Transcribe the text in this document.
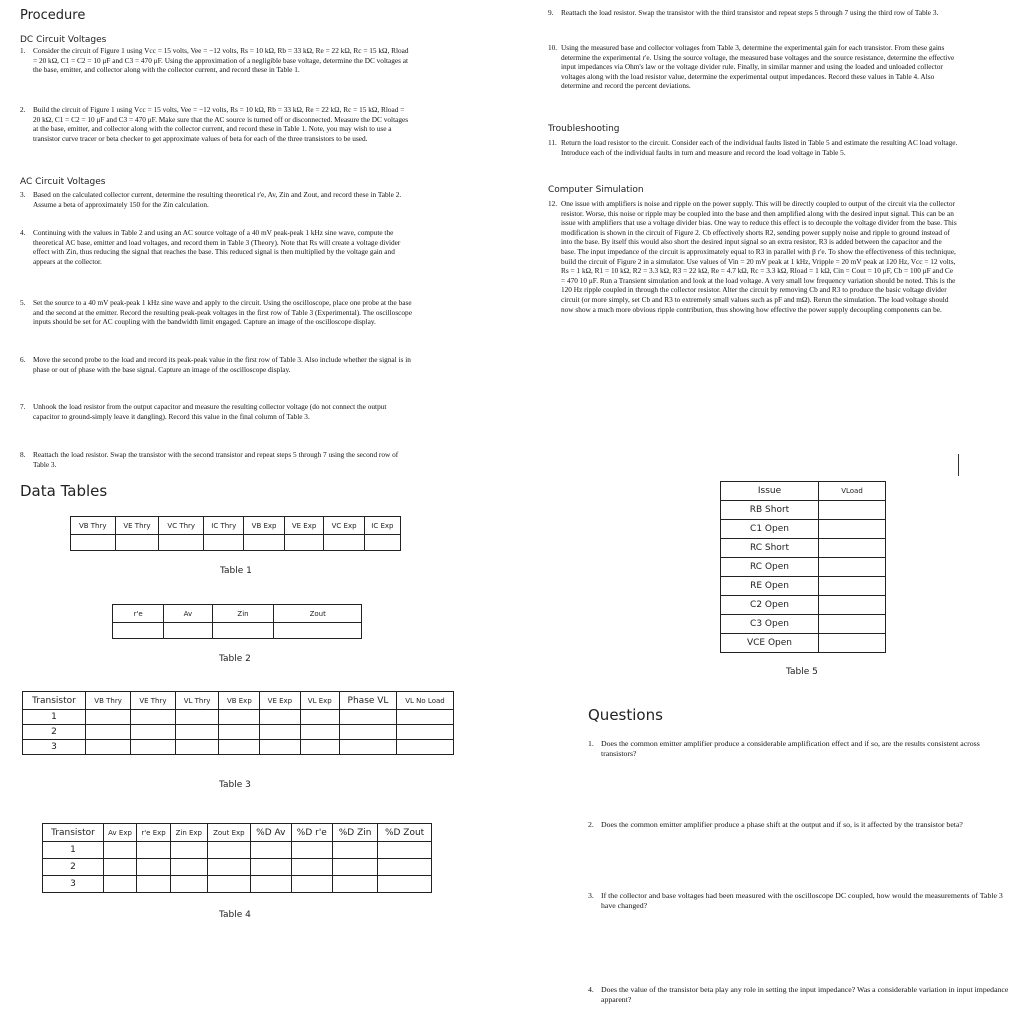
Procedure
DC Circuit Voltages
1. Consider the circuit of Figure 1 using Vcc = 15 volts, Vee = −12 volts, Rs = 10 kΩ, Rb = 33 kΩ, Re = 22 kΩ, Rc = 15 kΩ, Rload = 20 kΩ, C1 = C2 = 10 μF and C3 = 470 μF. Using the approximation of a negligible base voltage, determine the DC voltages at the base, emitter, and collector along with the collector current, and record these in Table 1.
2. Build the circuit of Figure 1 using Vcc = 15 volts, Vee = −12 volts, Rs = 10 kΩ, Rb = 33 kΩ, Re = 22 kΩ, Rc = 15 kΩ, Rload = 20 kΩ, C1 = C2 = 10 μF and C3 = 470 μF. Make sure that the AC source is turned off or disconnected. Measure the DC voltages at the base, emitter, and collector along with the collector current, and record these in Table 1. Note, you may wish to use a transistor curve tracer or beta checker to get approximate values of beta for each of the three transistors to be used.
AC Circuit Voltages
3. Based on the calculated collector current, determine the resulting theoretical r'e, Av, Zin and Zout, and record these in Table 2. Assume a beta of approximately 150 for the Zin calculation.
4. Continuing with the values in Table 2 and using an AC source voltage of a 40 mV peak-peak 1 kHz sine wave, compute the theoretical AC base, emitter and load voltages, and record them in Table 3 (Theory). Note that Rs will create a voltage divider effect with Zin, thus reducing the signal that reaches the base. This reduced signal is then multiplied by the voltage gain and appears at the collector.
5. Set the source to a 40 mV peak-peak 1 kHz sine wave and apply to the circuit. Using the oscilloscope, place one probe at the base and the second at the emitter. Record the resulting peak-peak voltages in the first row of Table 3 (Experimental). The oscilloscope inputs should be set for AC coupling with the bandwidth limit engaged. Capture an image of the oscilloscope display.
6. Move the second probe to the load and record its peak-peak value in the first row of Table 3. Also include whether the signal is in phase or out of phase with the base signal. Capture an image of the oscilloscope display.
7. Unhook the load resistor from the output capacitor and measure the resulting collector voltage (do not connect the output capacitor to ground-simply leave it dangling). Record this value in the final column of Table 3.
8. Reattach the load resistor. Swap the transistor with the second transistor and repeat steps 5 through 7 using the second row of Table 3.
Data Tables
VB Thry	VE Thry	VC Thry	IC Thry	VB Exp	VE Exp	VC Exp	IC Exp

Table 1
r'e	Av	Zin	Zout

Table 2
Transistor	VB Thry	VE Thry	VL Thry	VB Exp	VE Exp	VL Exp	Phase VL	VL No Load
1								
2								
3								
Table 3
Transistor	Av Exp	r'e Exp	Zin Exp	Zout Exp	%D Av	%D r'e	%D Zin	%D Zout
1								
2								
3								
Table 4
9. Reattach the load resistor. Swap the transistor with the third transistor and repeat steps 5 through 7 using the third row of Table 3.
10. Using the measured base and collector voltages from Table 3, determine the experimental gain for each transistor. From these gains determine the experimental r'e. Using the source voltage, the measured base voltages and the source resistance, determine the effective input impedances via Ohm's law or the voltage divider rule. Finally, in similar manner and using the loaded and unloaded collector voltages along with the load resistor value, determine the experimental output impedances. Record these values in Table 4. Also determine and record the percent deviations.
Troubleshooting
11. Return the load resistor to the circuit. Consider each of the individual faults listed in Table 5 and estimate the resulting AC load voltage. Introduce each of the individual faults in turn and measure and record the load voltage in Table 5.
Computer Simulation
12. One issue with amplifiers is noise and ripple on the power supply. This will be directly coupled to output of the circuit via the collector resistor. Worse, this noise or ripple may be coupled into the base and then amplified along with the desired input signal. This can be an issue with amplifiers that use a voltage divider bias. One way to reduce this effect is to decouple the voltage divider from the base. This modification is shown in the circuit of Figure 2. Cb effectively shorts R2, sending power supply noise and ripple to ground instead of into the base. By itself this would also short the desired input signal so an extra resistor, R3 is added between the capacitor and the base. The input impedance of the circuit is approximately equal to R3 in parallel with β r'e. To show the effectiveness of this technique, build the circuit of Figure 2 in a simulator. Use values of Vin = 20 mV peak at 1 kHz, Vripple = 20 mV peak at 120 Hz, Vcc = 12 volts, Rs = 1 kΩ, R1 = 10 kΩ, R2 = 3.3 kΩ, R3 = 22 kΩ, Re = 4.7 kΩ, Rc = 3.3 kΩ, Rload = 1 kΩ, Cin = Cout = 10 μF, Cb = 100 μF and Ce = 470 10 μF. Run a Transient simulation and look at the load voltage. A very small low frequency variation should be noted. This is the 120 Hz ripple coupled in through the collector resistor. Alter the circuit by removing Cb and R3 to produce the basic voltage divider circuit (or more simply, set Cb and R3 to extremely small values such as pF and mΩ). Rerun the simulation. The load voltage should now show a much more obvious ripple contribution, thus showing how effective the power supply decoupling components can be.
Issue	VLoad
RB Short	
C1 Open	
RC Short	
RC Open	
RE Open	
C2 Open	
C3 Open	
VCE Open	
Table 5
Questions
1. Does the common emitter amplifier produce a considerable amplification effect and if so, are the results consistent across transistors?
2. Does the common emitter amplifier produce a phase shift at the output and if so, is it affected by the transistor beta?
3. If the collector and base voltages had been measured with the oscilloscope DC coupled, how would the measurements of Table 3 have changed?
4. Does the value of the transistor beta play any role in setting the input impedance? Was a considerable variation in input impedance apparent?
